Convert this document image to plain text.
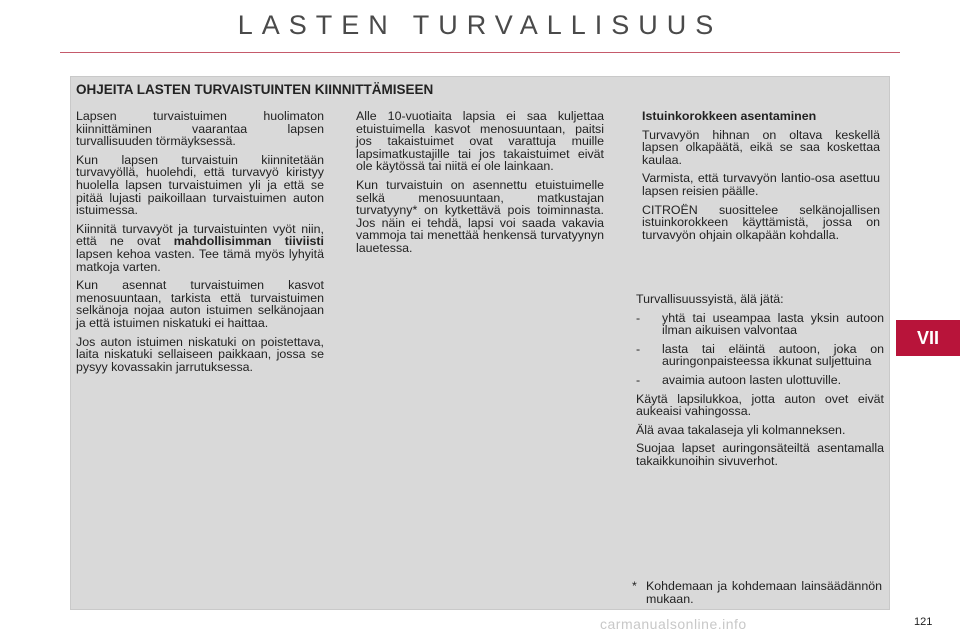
LASTEN TURVALLISUUS
VII
OHJEITA LASTEN TURVAISTUINTEN KIINNITTÄMISEEN

Lapsen turvaistuimen huolimaton kiinnittäminen vaarantaa lapsen turvallisuuden törmäyksessä.

Kun lapsen turvaistuin kiinnitetään turvavyöllä, huolehdi, että turvavyö kiristyy huolella lapsen turvaistuimen yli ja että se pitää lujasti paikoillaan turvaistuimen auton istuimessa.

Kiinnitä turvavyöt ja turvaistuinten vyöt niin, että ne ovat mahdollisimman tiiviisti lapsen kehoa vasten. Tee tämä myös lyhyitä matkoja varten.

Kun asennat turvaistuimen kasvot menosuuntaan, tarkista että turvaistuimen selkänoja nojaa auton istuimen selkänojaan ja että istuimen niskatuki ei haittaa.

Jos auton istuimen niskatuki on poistettava, laita niskatuki sellaiseen paikkaan, jossa se pysyy kovassakin jarrutuksessa.

Alle 10-vuotiaita lapsia ei saa kuljettaa etuistuimella kasvot menosuuntaan, paitsi jos takaistuimet ovat varattuja muille lapsimatkustajille tai jos takaistuimet eivät ole käytössä tai niitä ei ole lainkaan.

Kun turvaistuin on asennettu etuistuimelle selkä menosuuntaan, matkustajan turvatyyny* on kytkettävä pois toiminnasta. Jos näin ei tehdä, lapsi voi saada vakavia vammoja tai menettää henkensä turvatyynyn lauetessa.

Istuinkorokkeen asentaminen

Turvavyön hihnan on oltava keskellä lapsen olkapäätä, eikä se saa koskettaa kaulaa.

Varmista, että turvavyön lantio-osa asettuu lapsen reisien päälle.

CITROËN suosittelee selkänojallisen istuinkorokkeen käyttämistä, jossa on turvavyön ohjain olkapään kohdalla.

Turvallisuussyistä, älä jätä:

- yhtä tai useampaa lasta yksin autoon ilman aikuisen valvontaa
- lasta tai eläintä autoon, joka on auringonpaisteessa ikkunat suljettuina
- avaimia autoon lasten ulottuville.

Käytä lapsilukkoa, jotta auton ovet eivät aukeaisi vahingossa.

Älä avaa takalaseja yli kolmanneksen.

Suojaa lapset auringonsäteiltä asentamalla takaikkunoihin sivuverhot.

* Kohdemaan ja kohdemaan lainsäädännön mukaan.
carmanualsonline.info	121
